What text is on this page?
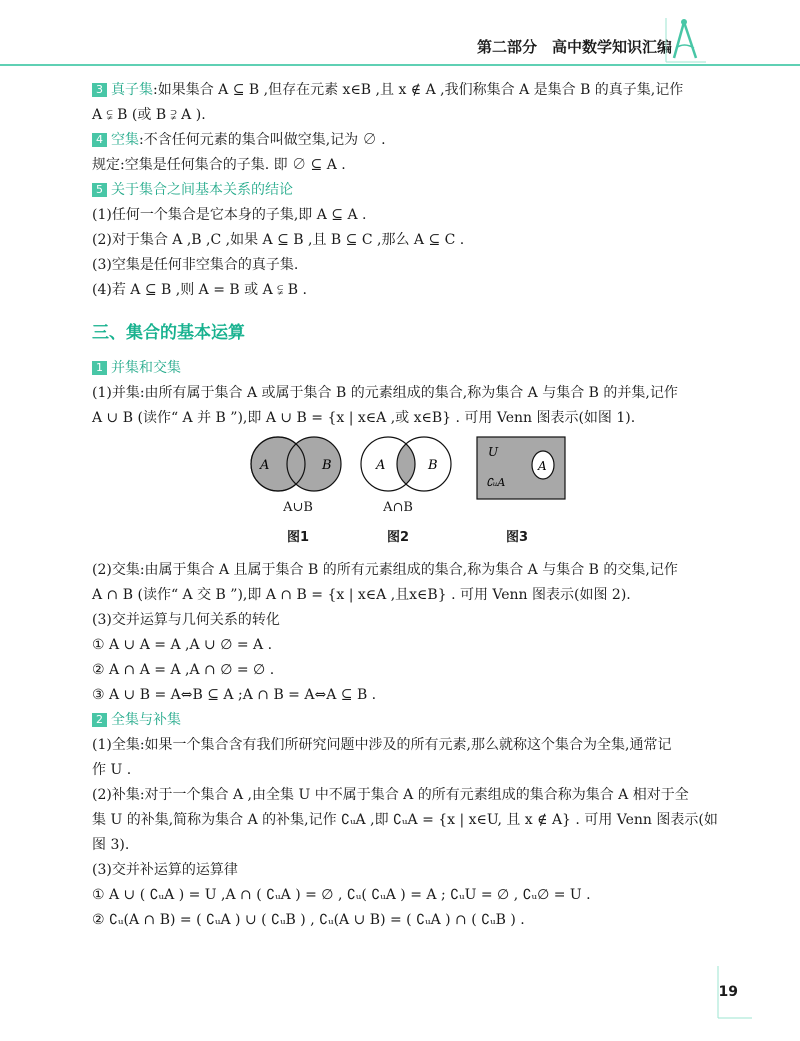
第二部分　高中数学知识汇编
3 真子集:如果集合 A ⊆ B ,但存在元素 x∈B ,且 x ∉ A ,我们称集合 A 是集合 B 的真子集,记作
A ⫋ B (或 B ⫌ A ).
4 空集:不含任何元素的集合叫做空集,记为 ∅ .
规定:空集是任何集合的子集. 即 ∅ ⊆ A .
5 关于集合之间基本关系的结论
(1)任何一个集合是它本身的子集,即 A ⊆ A .
(2)对于集合 A ,B ,C ,如果 A ⊆ B ,且 B ⊆ C ,那么 A ⊆ C .
(3)空集是任何非空集合的真子集.
(4)若 A ⊆ B ,则 A = B 或 A ⫋ B .
三、集合的基本运算
1 并集和交集
(1)并集:由所有属于集合 A 或属于集合 B 的元素组成的集合,称为集合 A 与集合 B 的并集,记作
A ∪ B (读作“ A 并 B ”),即 A ∪ B = {x | x∈A ,或 x∈B} . 可用 Venn 图表示(如图 1).
A	B
A∪B
图1
A	B
A∩B
图2
U
A
∁ᵤA
图3
(2)交集:由属于集合 A 且属于集合 B 的所有元素组成的集合,称为集合 A 与集合 B 的交集,记作
A ∩ B (读作“ A 交 B ”),即 A ∩ B = {x | x∈A ,且x∈B} . 可用 Venn 图表示(如图 2).
(3)交并运算与几何关系的转化
① A ∪ A = A ,A ∪ ∅ = A .
② A ∩ A = A ,A ∩ ∅ = ∅ .
③ A ∪ B = A⇔B ⊆ A ;A ∩ B = A⇔A ⊆ B .
2 全集与补集
(1)全集:如果一个集合含有我们所研究问题中涉及的所有元素,那么就称这个集合为全集,通常记
作 U .
(2)补集:对于一个集合 A ,由全集 U 中不属于集合 A 的所有元素组成的集合称为集合 A 相对于全
集 U 的补集,简称为集合 A 的补集,记作 ∁ᵤA ,即 ∁ᵤA = {x | x∈U, 且 x ∉ A} . 可用 Venn 图表示(如
图 3).
(3)交并补运算的运算律
① A ∪ ( ∁ᵤA ) = U ,A ∩ ( ∁ᵤA ) = ∅ , ∁ᵤ( ∁ᵤA ) = A ; ∁ᵤU = ∅ , ∁ᵤ∅ = U .
② ∁ᵤ(A ∩ B) = ( ∁ᵤA ) ∪ ( ∁ᵤB ) , ∁ᵤ(A ∪ B) = ( ∁ᵤA ) ∩ ( ∁ᵤB ) .
19
